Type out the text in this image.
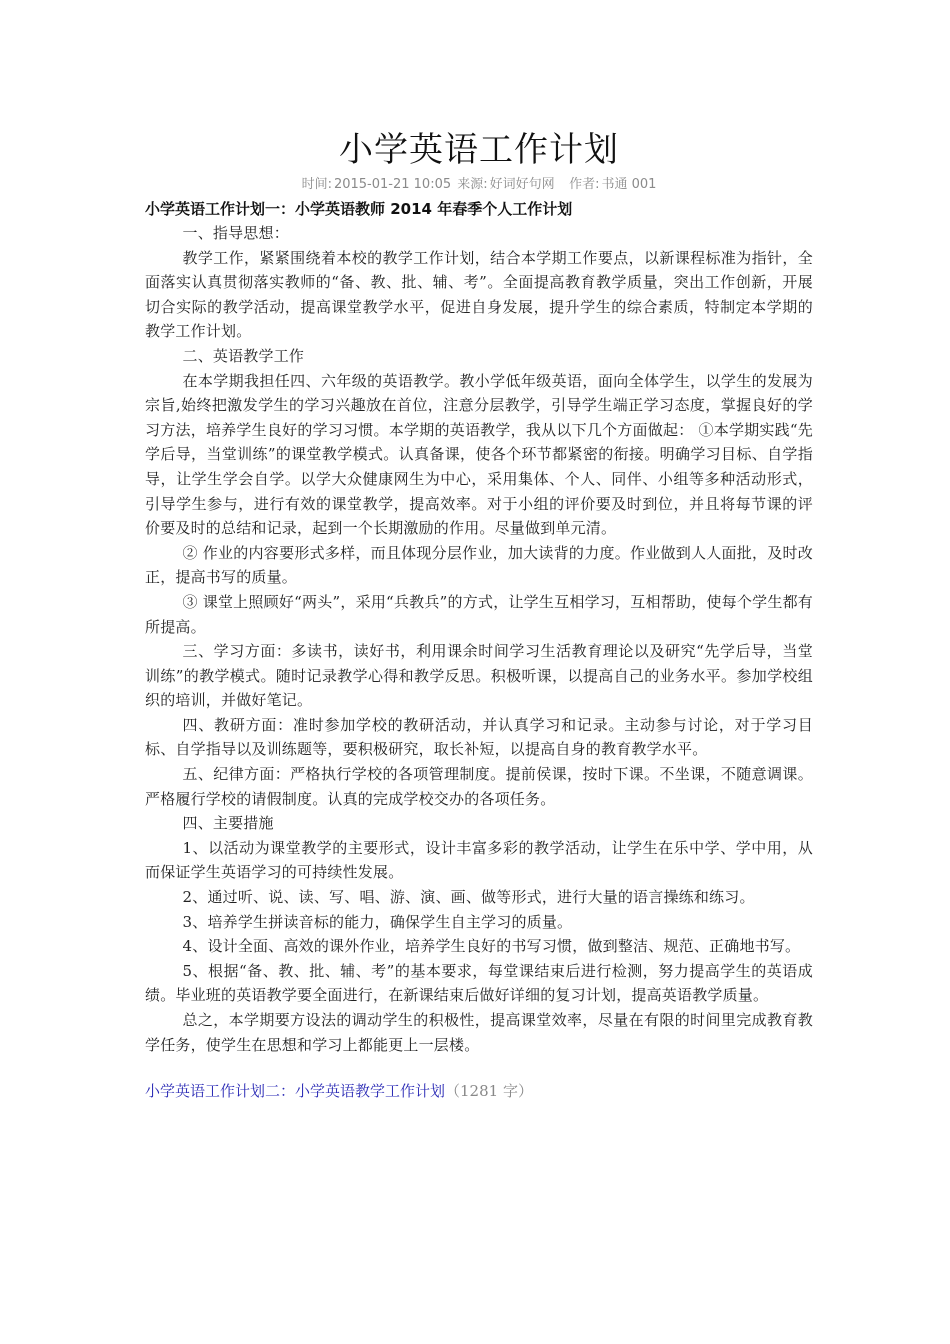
小学英语工作计划
时间: 2015-01-21 10:05 来源: 好词好句网 作者: 书通 001
小学英语工作计划一：小学英语教师 2014 年春季个人工作计划

一、指导思想：

教学工作，紧紧围绕着本校的教学工作计划，结合本学期工作要点，以新课程标准为指针，全面落实认真贯彻落实教师的“备、教、批、辅、考”。全面提高教育教学质量，突出工作创新，开展切合实际的教学活动，提高课堂教学水平，促进自身发展，提升学生的综合素质，特制定本学期的教学工作计划。

二、英语教学工作

在本学期我担任四、六年级的英语教学。教小学低年级英语，面向全体学生，以学生的发展为宗旨,始终把激发学生的学习兴趣放在首位，注意分层教学，引导学生端正学习态度，掌握良好的学习方法，培养学生良好的学习习惯。本学期的英语教学，我从以下几个方面做起： ①本学期实践“先学后导，当堂训练”的课堂教学模式。认真备课，使各个环节都紧密的衔接。明确学习目标、自学指导，让学生学会自学。以学大众健康网生为中心，采用集体、个人、同伴、小组等多种活动形式，引导学生参与，进行有效的课堂教学，提高效率。对于小组的评价要及时到位，并且将每节课的评价要及时的总结和记录，起到一个长期激励的作用。尽量做到单元清。

② 作业的内容要形式多样，而且体现分层作业，加大读背的力度。作业做到人人面批，及时改正，提高书写的质量。

③ 课堂上照顾好“两头”，采用“兵教兵”的方式，让学生互相学习，互相帮助，使每个学生都有所提高。

三、学习方面：多读书，读好书，利用课余时间学习生活教育理论以及研究“先学后导，当堂训练”的教学模式。随时记录教学心得和教学反思。积极听课，以提高自己的业务水平。参加学校组织的培训，并做好笔记。

四、教研方面：准时参加学校的教研活动，并认真学习和记录。主动参与讨论，对于学习目标、自学指导以及训练题等，要积极研究，取长补短，以提高自身的教育教学水平。

五、纪律方面：严格执行学校的各项管理制度。提前侯课，按时下课。不坐课，不随意调课。严格履行学校的请假制度。认真的完成学校交办的各项任务。

四、主要措施

1、以活动为课堂教学的主要形式，设计丰富多彩的教学活动，让学生在乐中学、学中用，从而保证学生英语学习的可持续性发展。

2、通过听、说、读、写、唱、游、演、画、做等形式，进行大量的语言操练和练习。

3、培养学生拼读音标的能力，确保学生自主学习的质量。

4、设计全面、高效的课外作业，培养学生良好的书写习惯，做到整洁、规范、正确地书写。

5、根据“备、教、批、辅、考”的基本要求，每堂课结束后进行检测，努力提高学生的英语成绩。毕业班的英语教学要全面进行，在新课结束后做好详细的复习计划，提高英语教学质量。

总之，本学期要方设法的调动学生的积极性，提高课堂效率，尽量在有限的时间里完成教育教学任务，使学生在思想和学习上都能更上一层楼。

小学英语工作计划二：小学英语教学工作计划（1281 字）
